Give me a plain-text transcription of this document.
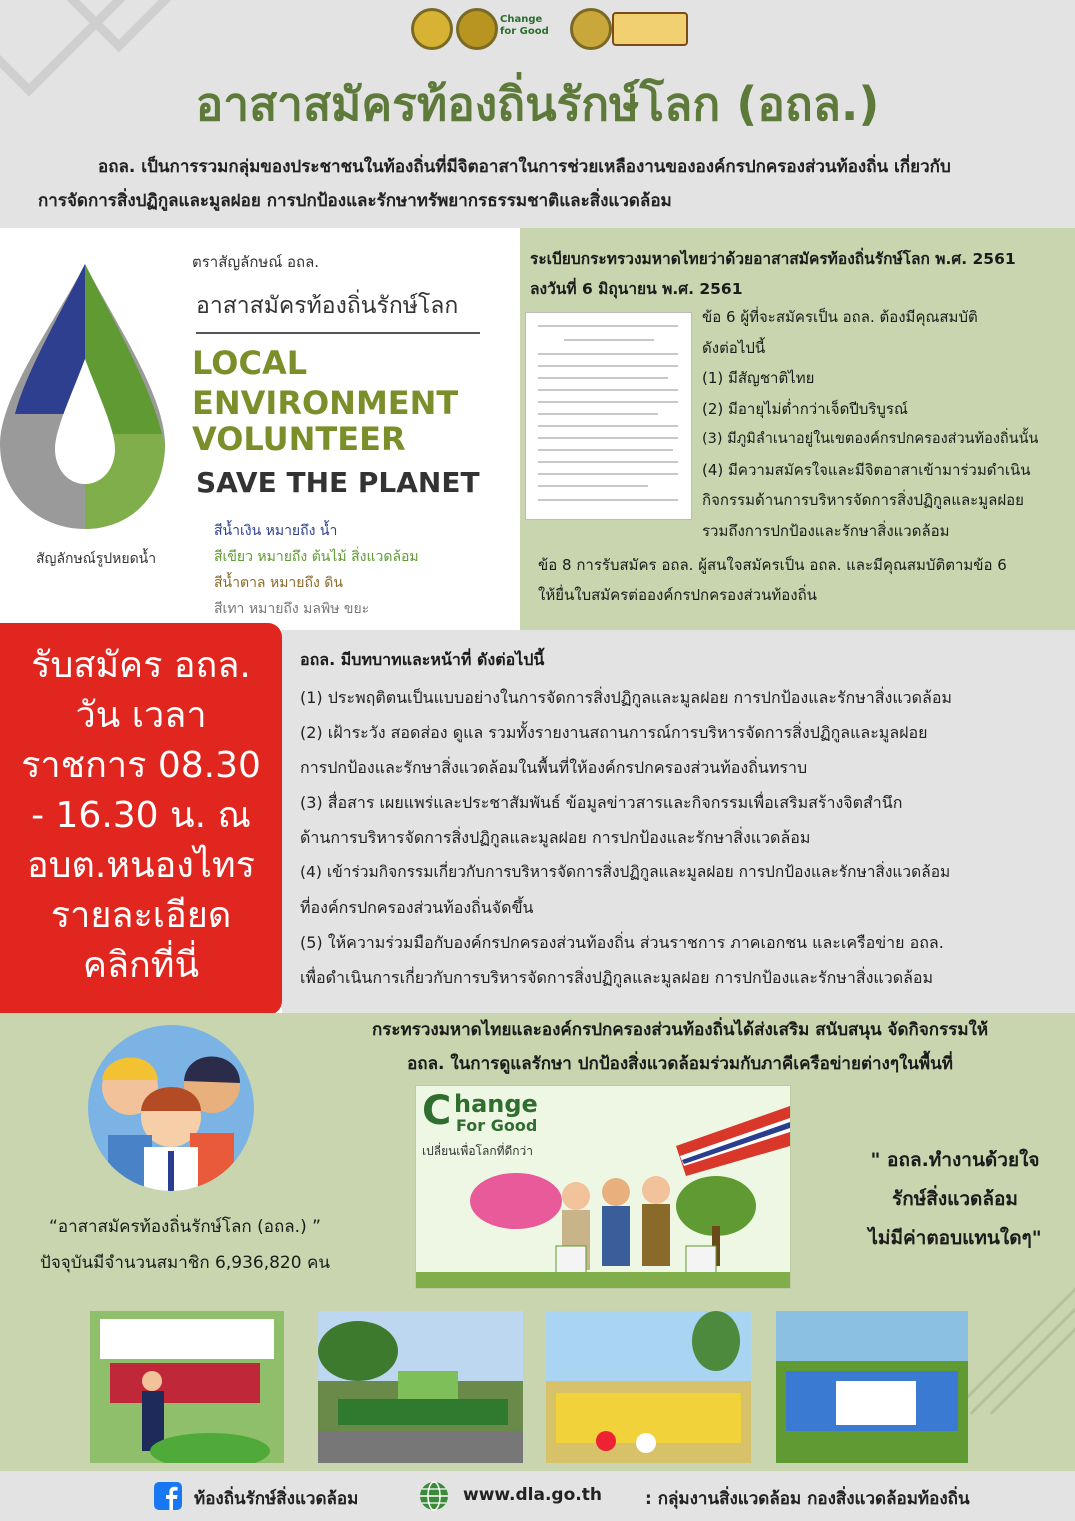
Change for Good
อาสาสมัครท้องถิ่นรักษ์โลก (อถล.)
อถล. เป็นการรวมกลุ่มของประชาชนในท้องถิ่นที่มีจิตอาสาในการช่วยเหลืองานขององค์กรปกครองส่วนท้องถิ่น เกี่ยวกับ
การจัดการสิ่งปฏิกูลและมูลฝอย การปกป้องและรักษาทรัพยากรธรรมชาติและสิ่งแวดล้อม
สัญลักษณ์รูปหยดน้ำ
ตราสัญลักษณ์ อถล.
อาสาสมัครท้องถิ่นรักษ์โลก
LOCAL
ENVIRONMENT
VOLUNTEER
SAVE THE PLANET
สีน้ำเงิน หมายถึง น้ำ
สีเขียว หมายถึง ต้นไม้ สิ่งแวดล้อม
สีน้ำตาล หมายถึง ดิน
สีเทา หมายถึง มลพิษ ขยะ
ระเบียบกระทรวงมหาดไทยว่าด้วยอาสาสมัครท้องถิ่นรักษ์โลก พ.ศ. 2561
ลงวันที่ 6 มิถุนายน พ.ศ. 2561
ข้อ 6 ผู้ที่จะสมัครเป็น อถล. ต้องมีคุณสมบัติ
ดังต่อไปนี้
(1) มีสัญชาติไทย
(2) มีอายุไม่ต่ำกว่าเจ็ดปีบริบูรณ์
(3) มีภูมิลำเนาอยู่ในเขตองค์กรปกครองส่วนท้องถิ่นนั้น
(4) มีความสมัครใจและมีจิตอาสาเข้ามาร่วมดำเนิน
กิจกรรมด้านการบริหารจัดการสิ่งปฏิกูลและมูลฝอย
รวมถึงการปกป้องและรักษาสิ่งแวดล้อม
ข้อ 8 การรับสมัคร อถล. ผู้สนใจสมัครเป็น อถล. และมีคุณสมบัติตามข้อ 6
ให้ยื่นใบสมัครต่อองค์กรปกครองส่วนท้องถิ่น
อถล. มีบทบาทและหน้าที่ ดังต่อไปนี้
(1) ประพฤติตนเป็นแบบอย่างในการจัดการสิ่งปฏิกูลและมูลฝอย การปกป้องและรักษาสิ่งแวดล้อม
(2) เฝ้าระวัง สอดส่อง ดูแล รวมทั้งรายงานสถานการณ์การบริหารจัดการสิ่งปฏิกูลและมูลฝอย
การปกป้องและรักษาสิ่งแวดล้อมในพื้นที่ให้องค์กรปกครองส่วนท้องถิ่นทราบ
(3) สื่อสาร เผยแพร่และประชาสัมพันธ์ ข้อมูลข่าวสารและกิจกรรมเพื่อเสริมสร้างจิตสำนึก
ด้านการบริหารจัดการสิ่งปฏิกูลและมูลฝอย การปกป้องและรักษาสิ่งแวดล้อม
(4) เข้าร่วมกิจกรรมเกี่ยวกับการบริหารจัดการสิ่งปฏิกูลและมูลฝอย การปกป้องและรักษาสิ่งแวดล้อม
ที่องค์กรปกครองส่วนท้องถิ่นจัดขึ้น
(5) ให้ความร่วมมือกับองค์กรปกครองส่วนท้องถิ่น ส่วนราชการ ภาคเอกชน และเครือข่าย อถล.
เพื่อดำเนินการเกี่ยวกับการบริหารจัดการสิ่งปฏิกูลและมูลฝอย การปกป้องและรักษาสิ่งแวดล้อม
รับสมัคร อถล.
วัน เวลา
ราชการ 08.30
- 16.30 น. ณ
อบต.หนองไทร
รายละเอียด
คลิกที่นี่
กระทรวงมหาดไทยและองค์กรปกครองส่วนท้องถิ่นได้ส่งเสริม สนับสนุน จัดกิจกรรมให้
อถล. ในการดูแลรักษา ปกป้องสิ่งแวดล้อมร่วมกับภาคีเครือข่ายต่างๆในพื้นที่
“อาสาสมัครท้องถิ่นรักษ์โลก (อถล.) ”
ปัจจุบันมีจำนวนสมาชิก 6,936,820 คน
C hange
For Good
เปลี่ยนเพื่อโลกที่ดีกว่า	" อถล.ทำงานด้วยใจ
รักษ์สิ่งแวดล้อม
ไม่มีค่าตอบแทนใดๆ"
ท้องถิ่นรักษ์สิ่งแวดล้อม	www.dla.go.th	: กลุ่มงานสิ่งแวดล้อม กองสิ่งแวดล้อมท้องถิ่น
